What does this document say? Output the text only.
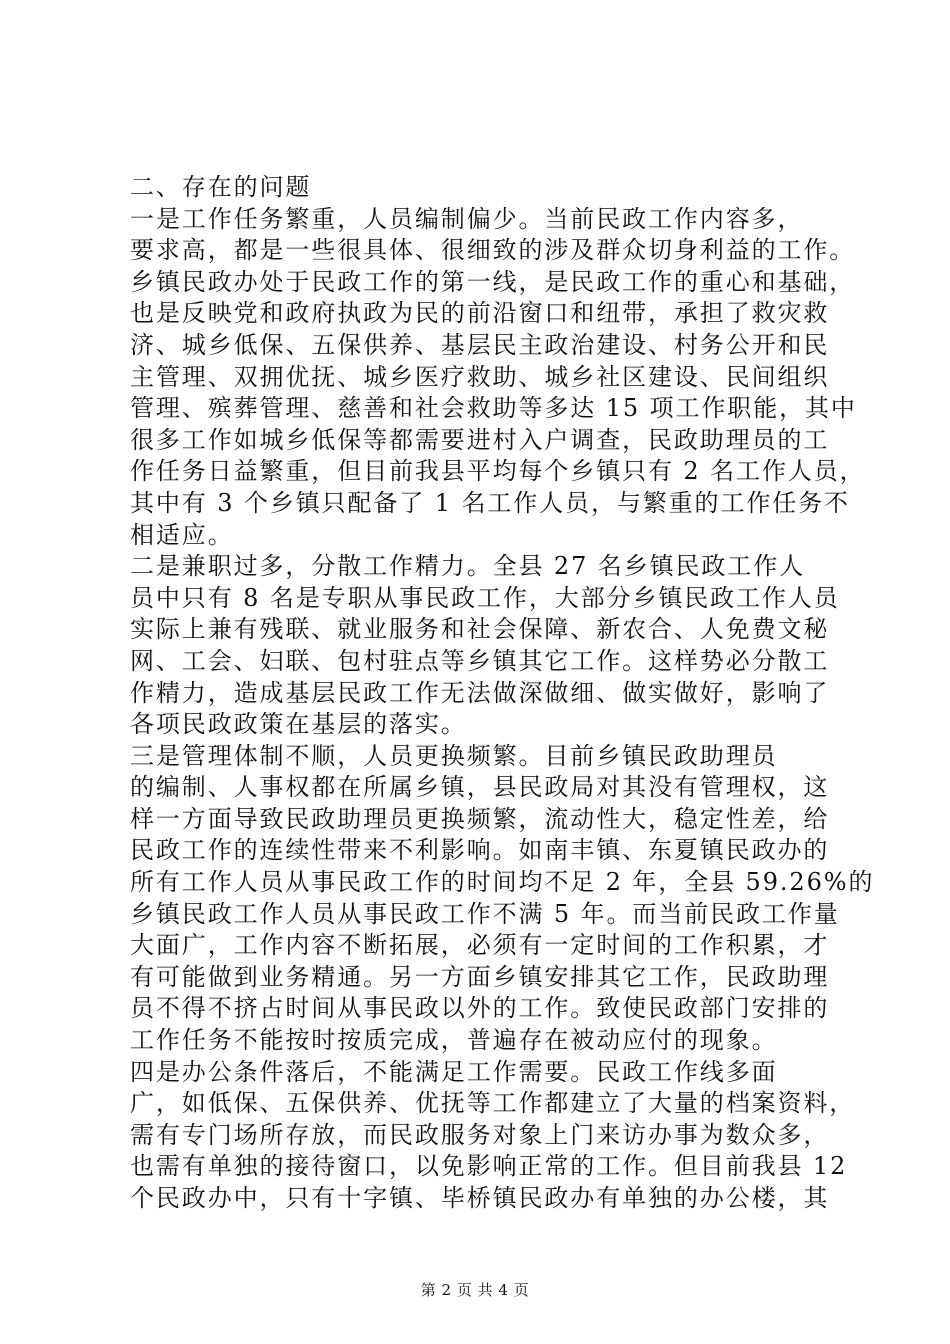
二、存在的问题
一是工作任务繁重，人员编制偏少。当前民政工作内容多，
要求高，都是一些很具体、很细致的涉及群众切身利益的工作。
乡镇民政办处于民政工作的第一线，是民政工作的重心和基础，
也是反映党和政府执政为民的前沿窗口和纽带，承担了救灾救
济、城乡低保、五保供养、基层民主政治建设、村务公开和民
主管理、双拥优抚、城乡医疗救助、城乡社区建设、民间组织
管理、殡葬管理、慈善和社会救助等多达 15 项工作职能，其中
很多工作如城乡低保等都需要进村入户调查，民政助理员的工
作任务日益繁重，但目前我县平均每个乡镇只有 2 名工作人员，
其中有 3 个乡镇只配备了 1 名工作人员，与繁重的工作任务不
相适应。
二是兼职过多，分散工作精力。全县 27 名乡镇民政工作人
员中只有 8 名是专职从事民政工作，大部分乡镇民政工作人员
实际上兼有残联、就业服务和社会保障、新农合、人免费文秘
网、工会、妇联、包村驻点等乡镇其它工作。这样势必分散工
作精力，造成基层民政工作无法做深做细、做实做好，影响了
各项民政政策在基层的落实。
三是管理体制不顺，人员更换频繁。目前乡镇民政助理员
的编制、人事权都在所属乡镇，县民政局对其没有管理权，这
样一方面导致民政助理员更换频繁，流动性大，稳定性差，给
民政工作的连续性带来不利影响。如南丰镇、东夏镇民政办的
所有工作人员从事民政工作的时间均不足 2 年，全县 59.26%的
乡镇民政工作人员从事民政工作不满 5 年。而当前民政工作量
大面广，工作内容不断拓展，必须有一定时间的工作积累，才
有可能做到业务精通。另一方面乡镇安排其它工作，民政助理
员不得不挤占时间从事民政以外的工作。致使民政部门安排的
工作任务不能按时按质完成，普遍存在被动应付的现象。
四是办公条件落后，不能满足工作需要。民政工作线多面
广，如低保、五保供养、优抚等工作都建立了大量的档案资料，
需有专门场所存放，而民政服务对象上门来访办事为数众多，
也需有单独的接待窗口，以免影响正常的工作。但目前我县 12
个民政办中，只有十字镇、毕桥镇民政办有单独的办公楼，其
第 2 页 共 4 页
